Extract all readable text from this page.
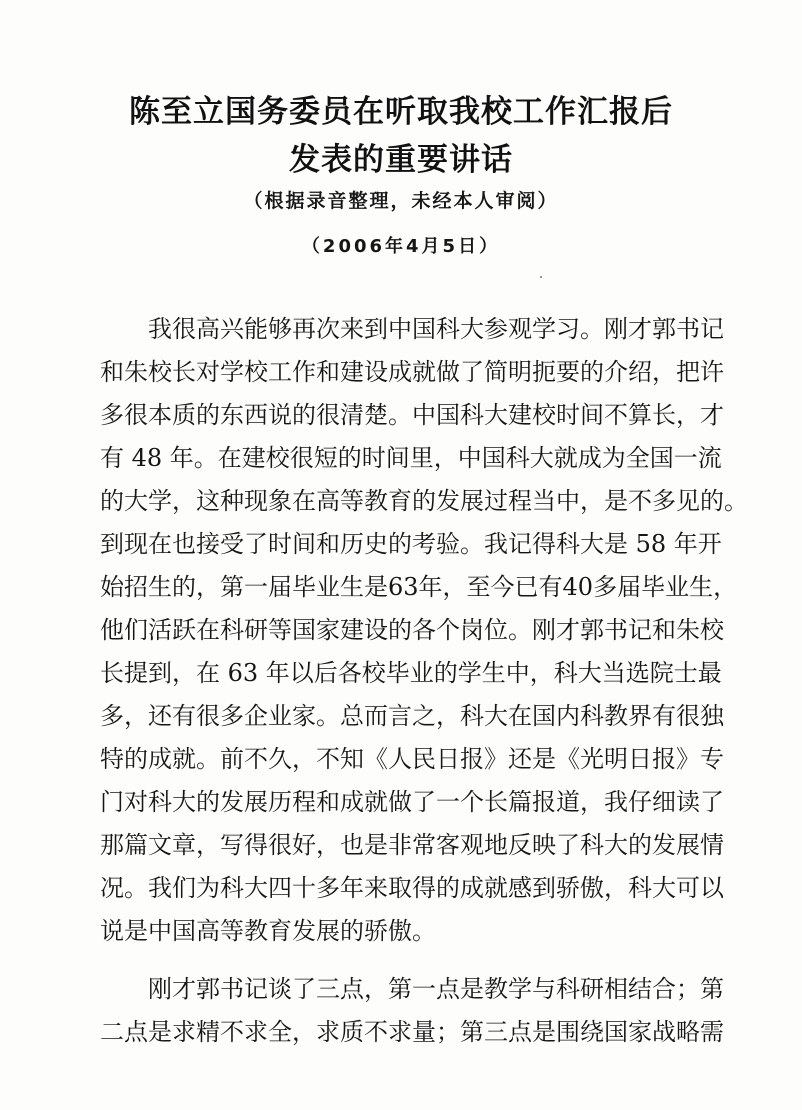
陈至立国务委员在听取我校工作汇报后
发表的重要讲话
（根据录音整理，未经本人审阅）
（2006年4月5日）
我很高兴能够再次来到中国科大参观学习。刚才郭书记
和朱校长对学校工作和建设成就做了简明扼要的介绍，把许
多很本质的东西说的很清楚。中国科大建校时间不算长，才
有 48 年。在建校很短的时间里，中国科大就成为全国一流
的大学，这种现象在高等教育的发展过程当中，是不多见的。
到现在也接受了时间和历史的考验。我记得科大是 58 年开
始招生的，第一届毕业生是63年，至今已有40多届毕业生，
他们活跃在科研等国家建设的各个岗位。刚才郭书记和朱校
长提到，在 63 年以后各校毕业的学生中，科大当选院士最
多，还有很多企业家。总而言之，科大在国内科教界有很独
特的成就。前不久，不知《人民日报》还是《光明日报》专
门对科大的发展历程和成就做了一个长篇报道，我仔细读了
那篇文章，写得很好，也是非常客观地反映了科大的发展情
况。我们为科大四十多年来取得的成就感到骄傲，科大可以
说是中国高等教育发展的骄傲。
刚才郭书记谈了三点，第一点是教学与科研相结合；第
二点是求精不求全，求质不求量；第三点是围绕国家战略需
